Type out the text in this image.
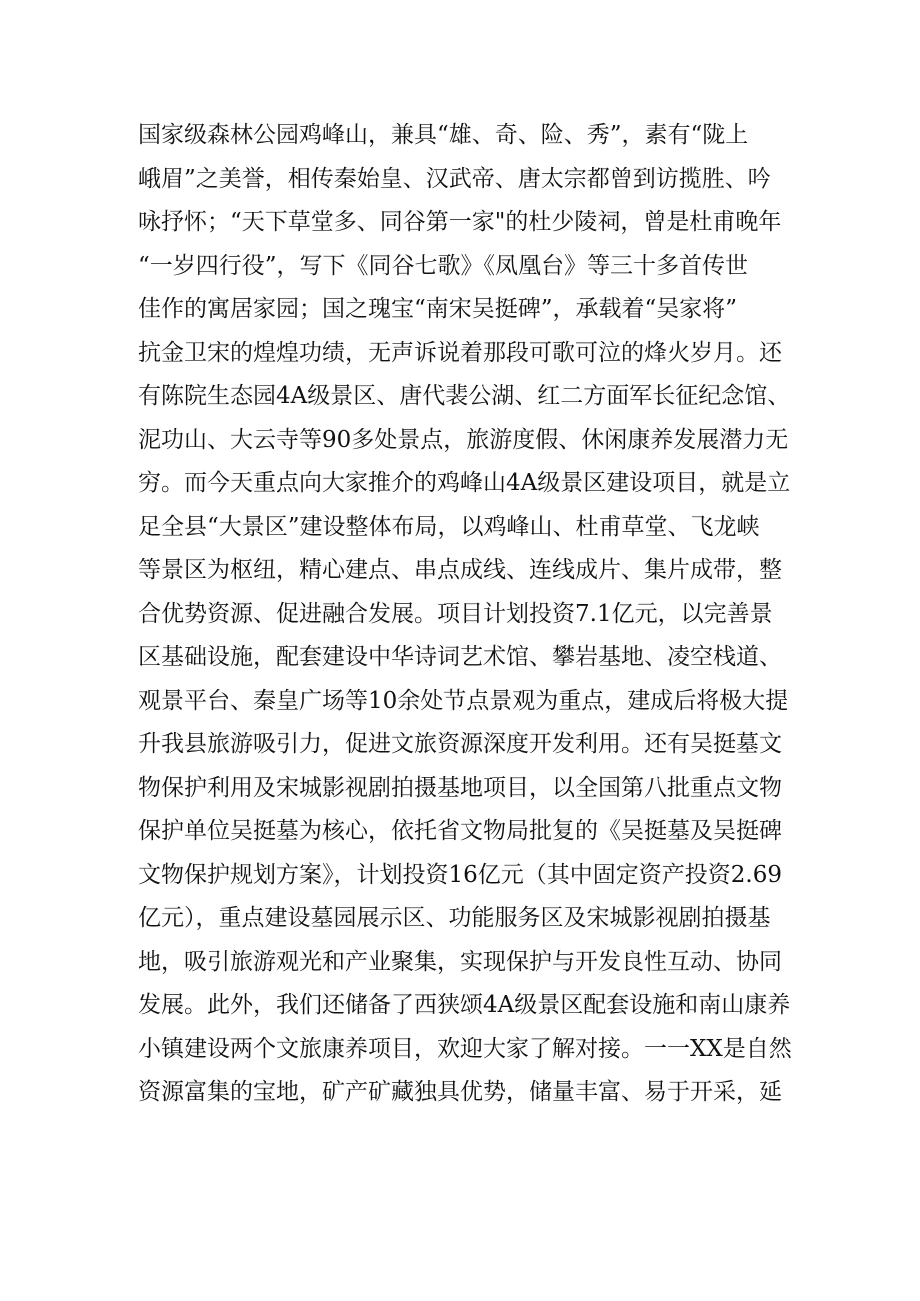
国家级森林公园鸡峰山，兼具“雄、奇、险、秀”，素有“陇上
峨眉”之美誉，相传秦始皇、汉武帝、唐太宗都曾到访揽胜、吟
咏抒怀；“天下草堂多、同谷第一家"的杜少陵祠，曾是杜甫晚年
“一岁四行役”，写下《同谷七歌》《凤凰台》等三十多首传世
佳作的寓居家园；国之瑰宝“南宋吴挺碑”，承载着“吴家将”
抗金卫宋的煌煌功绩，无声诉说着那段可歌可泣的烽火岁月。还
有陈院生态园4A级景区、唐代裴公湖、红二方面军长征纪念馆、
泥功山、大云寺等90多处景点，旅游度假、休闲康养发展潜力无
穷。而今天重点向大家推介的鸡峰山4A级景区建设项目，就是立
足全县“大景区”建设整体布局，以鸡峰山、杜甫草堂、飞龙峡
等景区为枢纽，精心建点、串点成线、连线成片、集片成带，整
合优势资源、促进融合发展。项目计划投资7.1亿元，以完善景
区基础设施，配套建设中华诗词艺术馆、攀岩基地、凌空栈道、
观景平台、秦皇广场等10余处节点景观为重点，建成后将极大提
升我县旅游吸引力，促进文旅资源深度开发利用。还有吴挺墓文
物保护利用及宋城影视剧拍摄基地项目，以全国第八批重点文物
保护单位吴挺墓为核心，依托省文物局批复的《吴挺墓及吴挺碑
文物保护规划方案》，计划投资16亿元（其中固定资产投资2.69
亿元），重点建设墓园展示区、功能服务区及宋城影视剧拍摄基
地，吸引旅游观光和产业聚集，实现保护与开发良性互动、协同
发展。此外，我们还储备了西狭颂4A级景区配套设施和南山康养
小镇建设两个文旅康养项目，欢迎大家了解对接。一一XX是自然
资源富集的宝地，矿产矿藏独具优势，储量丰富、易于开采，延
